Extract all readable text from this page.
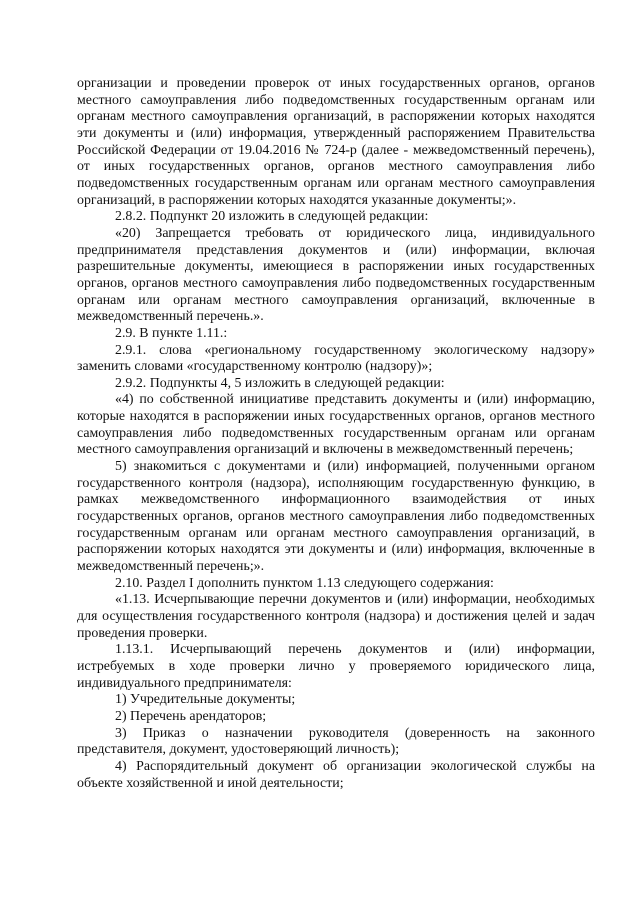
организации и проведении проверок от иных государственных органов, органов местного самоуправления либо подведомственных государственным органам или органам местного самоуправления организаций, в распоряжении которых находятся эти документы и (или) информация, утвержденный распоряжением Правительства Российской Федерации от 19.04.2016 № 724-р (далее - межведомственный перечень), от иных государственных органов, органов местного самоуправления либо подведомственных государственным органам или органам местного самоуправления организаций, в распоряжении которых находятся указанные документы;».

2.8.2. Подпункт 20 изложить в следующей редакции:

«20) Запрещается требовать от юридического лица, индивидуального предпринимателя представления документов и (или) информации, включая разрешительные документы, имеющиеся в распоряжении иных государственных органов, органов местного самоуправления либо подведомственных государственным органам или органам местного самоуправления организаций, включенные в межведомственный перечень.».

2.9. В пункте 1.11.:

2.9.1. слова «региональному государственному экологическому надзору» заменить словами «государственному контролю (надзору)»;

2.9.2. Подпункты 4, 5 изложить в следующей редакции:

«4) по собственной инициативе представить документы и (или) информацию, которые находятся в распоряжении иных государственных органов, органов местного самоуправления либо подведомственных государственным органам или органам местного самоуправления организаций и включены в межведомственный перечень;

5) знакомиться с документами и (или) информацией, полученными органом государственного контроля (надзора), исполняющим государственную функцию, в рамках межведомственного информационного взаимодействия от иных государственных органов, органов местного самоуправления либо подведомственных государственным органам или органам местного самоуправления организаций, в распоряжении которых находятся эти документы и (или) информация, включенные в межведомственный перечень;».

2.10. Раздел I дополнить пунктом 1.13 следующего содержания:

«1.13. Исчерпывающие перечни документов и (или) информации, необходимых для осуществления государственного контроля (надзора) и достижения целей и задач проведения проверки.

1.13.1. Исчерпывающий перечень документов и (или) информации, истребуемых в ходе проверки лично у проверяемого юридического лица, индивидуального предпринимателя:

1) Учредительные документы;

2) Перечень арендаторов;

3) Приказ о назначении руководителя (доверенность на законного представителя, документ, удостоверяющий личность);

4) Распорядительный документ об организации экологической службы на объекте хозяйственной и иной деятельности;
